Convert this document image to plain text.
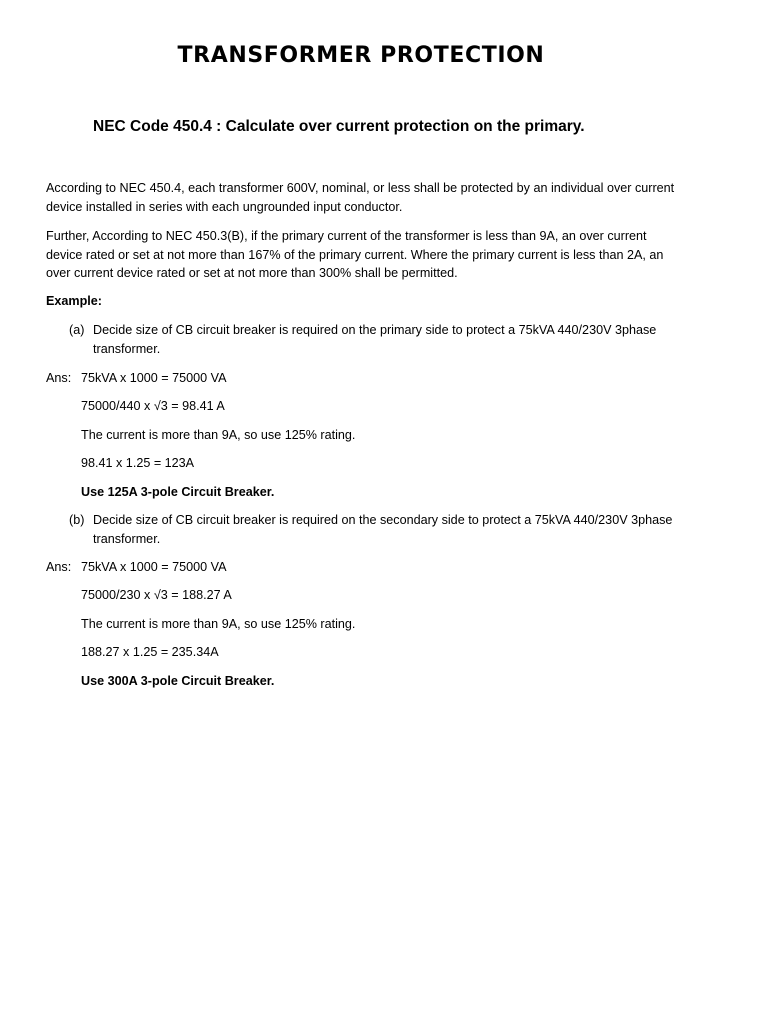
TRANSFORMER PROTECTION
NEC Code 450.4 : Calculate over current protection on the primary.

According to NEC 450.4, each transformer 600V, nominal, or less shall be protected by an individual over current device installed in series with each ungrounded input conductor.

Further, According to NEC 450.3(B), if the primary current of the transformer is less than 9A, an over current device rated or set at not more than 167% of the primary current. Where the primary current is less than 2A, an over current device rated or set at not more than 300% shall be permitted.

Example:
(a) Decide size of CB circuit breaker is required on the primary side to protect a 75kVA 440/230V 3phase transformer.
Ans: 75kVA x 1000 = 75000 VA
75000/440 x √3 = 98.41 A
The current is more than 9A, so use 125% rating.
98.41 x 1.25 = 123A
Use 125A 3-pole Circuit Breaker.
(b) Decide size of CB circuit breaker is required on the secondary side to protect a 75kVA 440/230V 3phase transformer.
Ans: 75kVA x 1000 = 75000 VA
75000/230 x √3 = 188.27 A
The current is more than 9A, so use 125% rating.
188.27 x 1.25 = 235.34A
Use 300A 3-pole Circuit Breaker.
